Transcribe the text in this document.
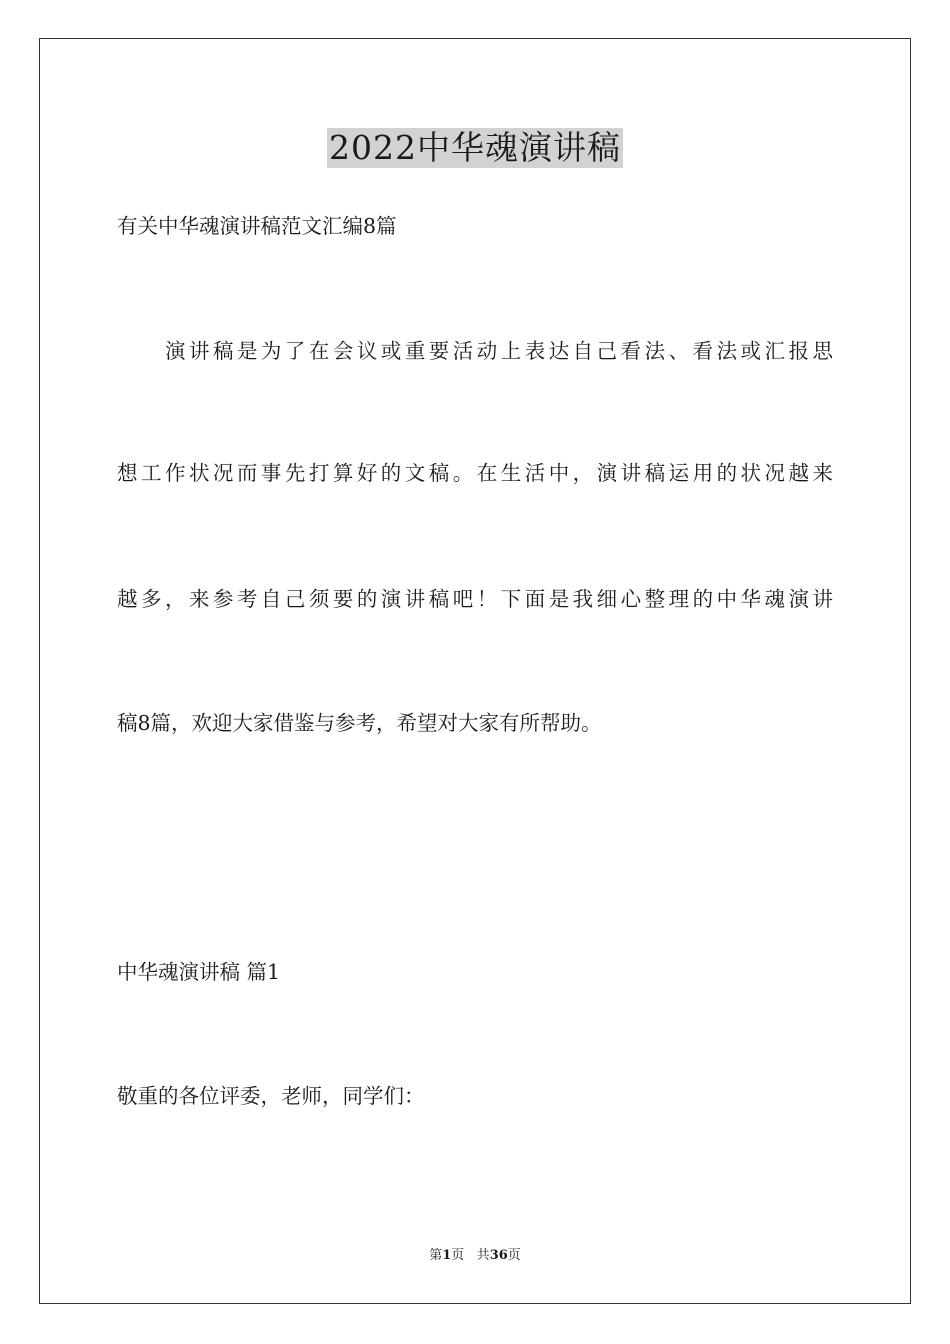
2022中华魂演讲稿

有关中华魂演讲稿范文汇编8篇

演讲稿是为了在会议或重要活动上表达自己看法、看法或汇报思

想工作状况而事先打算好的文稿。在生活中，演讲稿运用的状况越来

越多，来参考自己须要的演讲稿吧！下面是我细心整理的中华魂演讲

稿8篇，欢迎大家借鉴与参考，希望对大家有所帮助。

中华魂演讲稿 篇1

敬重的各位评委，老师，同学们：

第1页 共36页
